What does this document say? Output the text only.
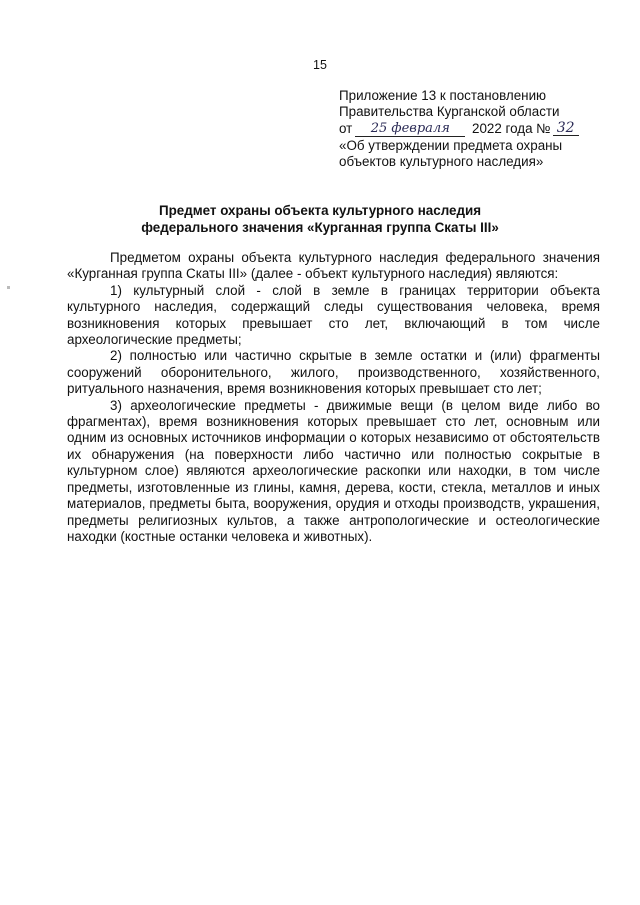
15
Приложение 13 к постановлению
Правительства Курганской области
от 25 февраля 2022 года № 32
«Об утверждении предмета охраны
объектов культурного наследия»
Предмет охраны объекта культурного наследия
федерального значения «Курганная группа Скаты III»

Предметом охраны объекта культурного наследия федерального значения «Курганная группа Скаты III» (далее - объект культурного наследия) являются:

1) культурный слой - слой в земле в границах территории объекта культурного наследия, содержащий следы существования человека, время возникновения которых превышает сто лет, включающий в том числе археологические предметы;

2) полностью или частично скрытые в земле остатки и (или) фрагменты сооружений оборонительного, жилого, производственного, хозяйственного, ритуального назначения, время возникновения которых превышает сто лет;

3) археологические предметы - движимые вещи (в целом виде либо во фрагментах), время возникновения которых превышает сто лет, основным или одним из основных источников информации о которых независимо от обстоятельств их обнаружения (на поверхности либо частично или полностью сокрытые в культурном слое) являются археологические раскопки или находки, в том числе предметы, изготовленные из глины, камня, дерева, кости, стекла, металлов и иных материалов, предметы быта, вооружения, орудия и отходы производств, украшения, предметы религиозных культов, а также антропологические и остеологические находки (костные останки человека и животных).
